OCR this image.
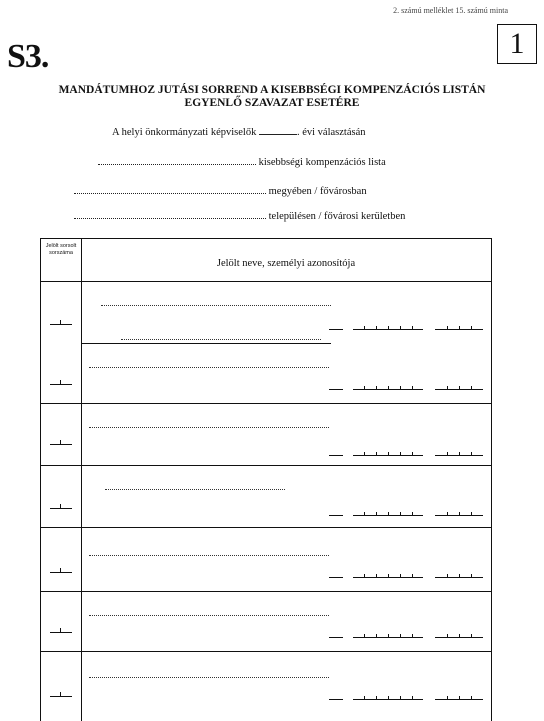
2. számú melléklet 15. számú minta
1
S3.
MANDÁTUMHOZ JUTÁSI SORREND A KISEBBSÉGI KOMPENZÁCIÓS LISTÁN
EGYENLŐ SZAVAZAT ESETÉRE
A helyi önkormányzati képviselők	. évi választásán
kisebbségi kompenzációs lista
megyében / fővárosban
településen / fővárosi kerületben
Jelölt sorsolt sorszáma
Jelölt neve, személyi azonosítója
